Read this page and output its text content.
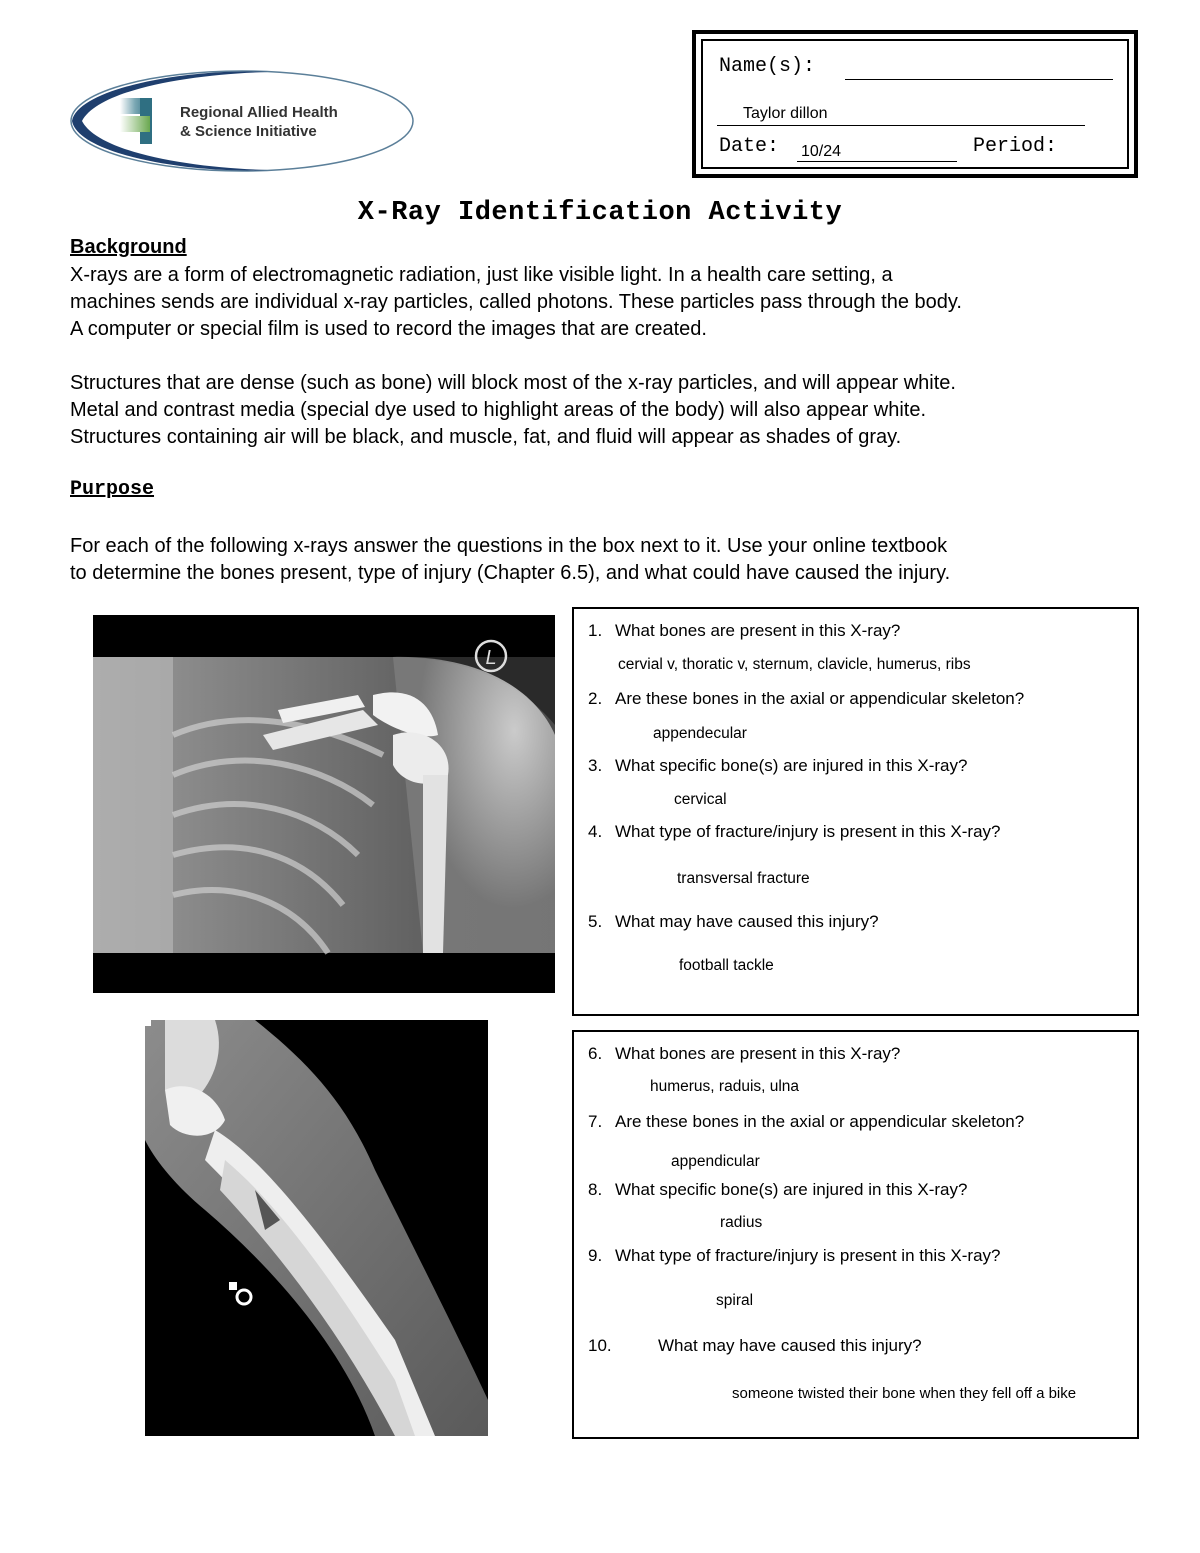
Regional Allied Health
& Science Initiative
Name(s):
Taylor dillon
Date: 10/24	Period:
X-Ray Identification Activity
Background
X-rays are a form of electromagnetic radiation, just like visible light. In a health care setting, a
machines sends are individual x-ray particles, called photons. These particles pass through the body.
A computer or special film is used to record the images that are created.
Structures that are dense (such as bone) will block most of the x-ray particles, and will appear white.
Metal and contrast media (special dye used to highlight areas of the body) will also appear white.
Structures containing air will be black, and muscle, fat, and fluid will appear as shades of gray.
Purpose
For each of the following x-rays answer the questions in the box next to it. Use your online textbook
to determine the bones present, type of injury (Chapter 6.5), and what could have caused the injury.
L
1. What bones are present in this X-ray?
cervial v, thoratic v, sternum, clavicle, humerus, ribs
2. Are these bones in the axial or appendicular skeleton?
appendecular
3. What specific bone(s) are injured in this X-ray?
cervical
4. What type of fracture/injury is present in this X-ray?
transversal fracture
5. What may have caused this injury?
football tackle
6. What bones are present in this X-ray?
humerus, raduis, ulna
7. Are these bones in the axial or appendicular skeleton?
appendicular
8. What specific bone(s) are injured in this X-ray?
radius
9. What type of fracture/injury is present in this X-ray?
spiral
10.	What may have caused this injury?
someone twisted their bone when they fell off a bike
